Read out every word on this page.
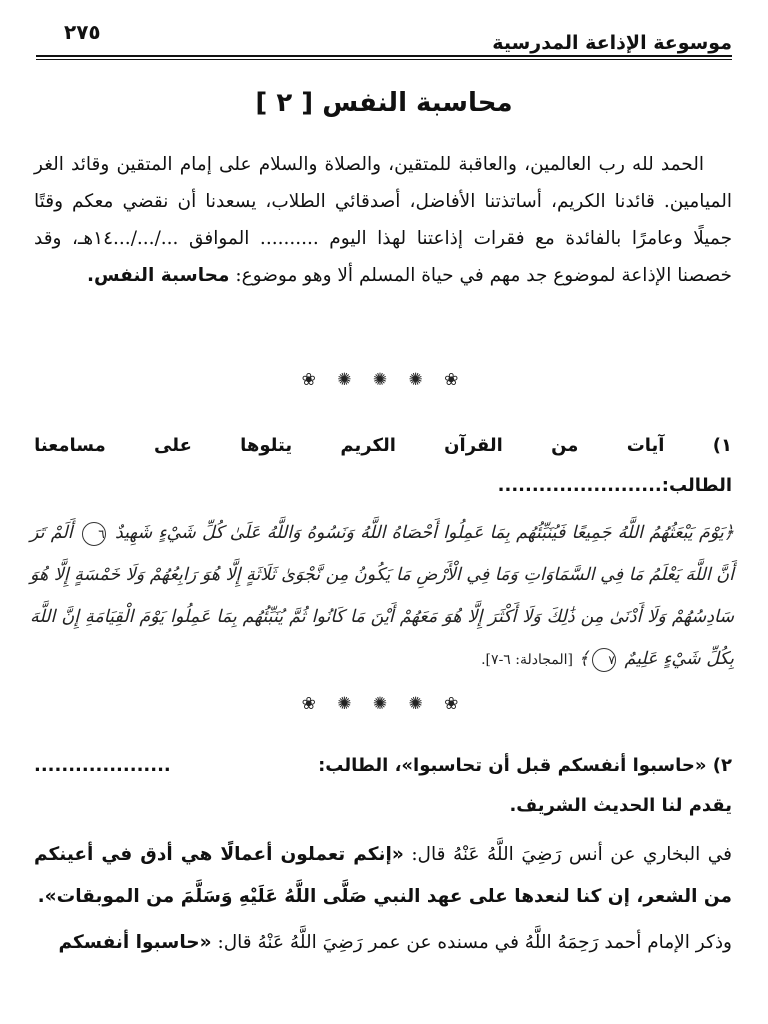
موسوعة الإذاعة المدرسية
٢٧٥
محاسبة النفس [ ٢ ]
الحمد لله رب العالمين، والعاقبة للمتقين، والصلاة والسلام على إمام المتقين وقائد الغر الميامين. قائدنا الكريم، أساتذتنا الأفاضل، أصدقائي الطلاب، يسعدنا أن نقضي معكم وقتًا جميلًا وعامرًا بالفائدة مع فقرات إذاعتنا لهذا اليوم .......... الموافق .../.../...١٤هـ، وقد خصصنا الإذاعة لموضوع جد مهم في حياة المسلم ألا وهو موضوع: محاسبة النفس.
❀ ✺ ✺ ✺ ❀
١)
آيات
من
القرآن
الكريم
يتلوها
على
مسامعنا
الطالب:........................
﴿يَوْمَ يَبْعَثُهُمُ اللَّهُ جَمِيعًا فَيُنَبِّئُهُم بِمَا عَمِلُوا أَحْصَاهُ اللَّهُ وَنَسُوهُ وَاللَّهُ عَلَىٰ كُلِّ شَيْءٍ شَهِيدٌ ٦ أَلَمْ تَرَ أَنَّ اللَّهَ يَعْلَمُ مَا فِي السَّمَاوَاتِ وَمَا فِي الْأَرْضِ مَا يَكُونُ مِن نَّجْوَىٰ ثَلَاثَةٍ إِلَّا هُوَ رَابِعُهُمْ وَلَا خَمْسَةٍ إِلَّا هُوَ سَادِسُهُمْ وَلَا أَدْنَىٰ مِن ذَٰلِكَ وَلَا أَكْثَرَ إِلَّا هُوَ مَعَهُمْ أَيْنَ مَا كَانُوا ثُمَّ يُنَبِّئُهُم بِمَا عَمِلُوا يَوْمَ الْقِيَامَةِ إِنَّ اللَّهَ بِكُلِّ شَيْءٍ عَلِيمٌ ٧﴾ [المجادلة: ٦-٧].
❀ ✺ ✺ ✺ ❀
٢) «حاسبوا أنفسكم قبل أن تحاسبوا»، الطالب:
....................
يقدم لنا الحديث الشريف.
في البخاري عن أنس رَضِيَ اللَّهُ عَنْهُ قال: «إنكم تعملون أعمالًا هي أدق في أعينكم من الشعر، إن كنا لنعدها على عهد النبي صَلَّى اللَّهُ عَلَيْهِ وَسَلَّمَ من الموبقات».
وذكر الإمام أحمد رَحِمَهُ اللَّهُ في مسنده عن عمر رَضِيَ اللَّهُ عَنْهُ قال: «حاسبوا أنفسكم
